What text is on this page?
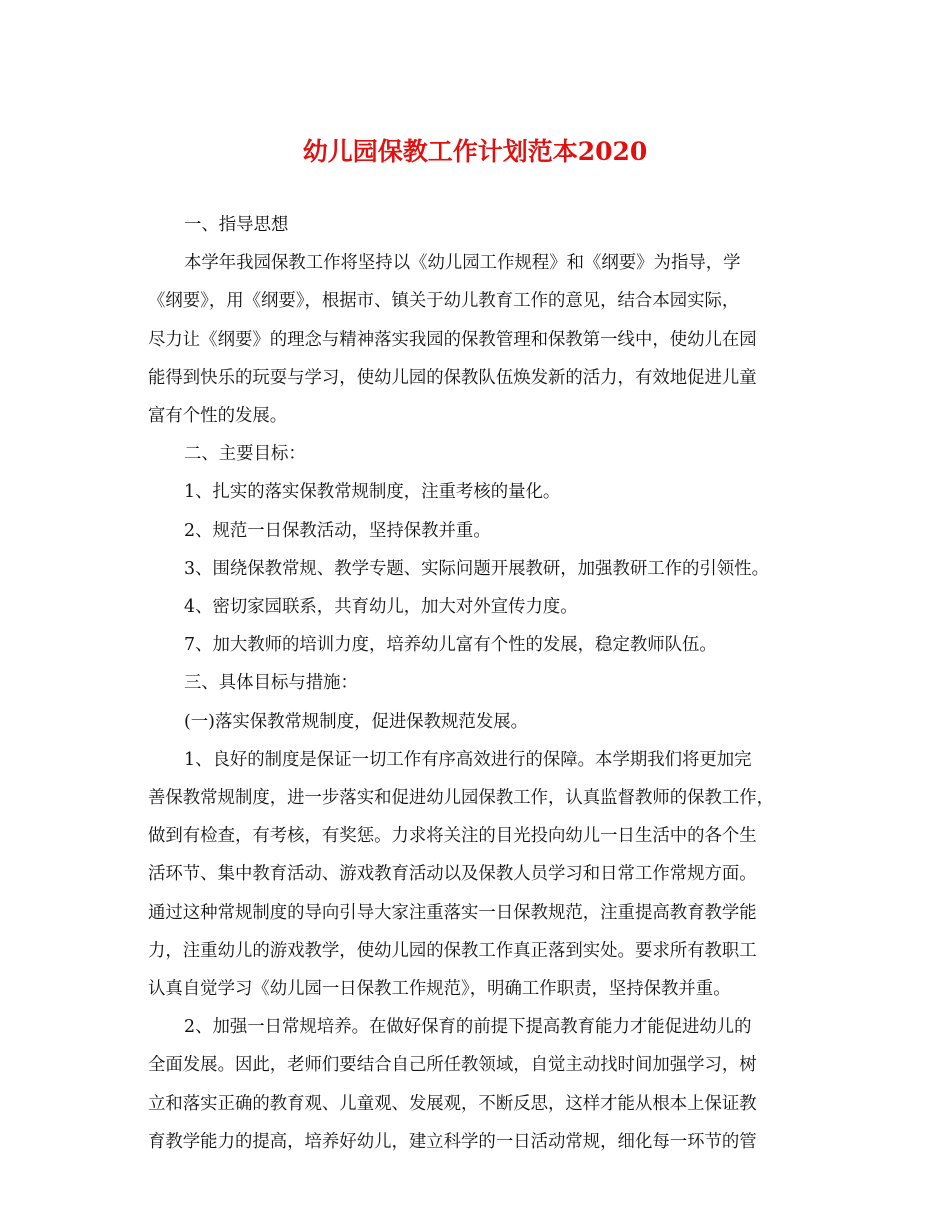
幼儿园保教工作计划范本2020
一、指导思想
本学年我园保教工作将坚持以《幼儿园工作规程》和《纲要》为指导，学
《纲要》，用《纲要》，根据市、镇关于幼儿教育工作的意见，结合本园实际，
尽力让《纲要》的理念与精神落实我园的保教管理和保教第一线中，使幼儿在园
能得到快乐的玩耍与学习，使幼儿园的保教队伍焕发新的活力，有效地促进儿童
富有个性的发展。
二、主要目标：
1、扎实的落实保教常规制度，注重考核的量化。
2、规范一日保教活动，坚持保教并重。
3、围绕保教常规、教学专题、实际问题开展教研，加强教研工作的引领性。
4、密切家园联系，共育幼儿，加大对外宣传力度。
7、加大教师的培训力度，培养幼儿富有个性的发展，稳定教师队伍。
三、具体目标与措施：
(一)落实保教常规制度，促进保教规范发展。
1、良好的制度是保证一切工作有序高效进行的保障。本学期我们将更加完
善保教常规制度，进一步落实和促进幼儿园保教工作，认真监督教师的保教工作，
做到有检查，有考核，有奖惩。力求将关注的目光投向幼儿一日生活中的各个生
活环节、集中教育活动、游戏教育活动以及保教人员学习和日常工作常规方面。
通过这种常规制度的导向引导大家注重落实一日保教规范，注重提高教育教学能
力，注重幼儿的游戏教学，使幼儿园的保教工作真正落到实处。要求所有教职工
认真自觉学习《幼儿园一日保教工作规范》，明确工作职责，坚持保教并重。
2、加强一日常规培养。在做好保育的前提下提高教育能力才能促进幼儿的
全面发展。因此，老师们要结合自己所任教领域，自觉主动找时间加强学习，树
立和落实正确的教育观、儿童观、发展观，不断反思，这样才能从根本上保证教
育教学能力的提高，培养好幼儿，建立科学的一日活动常规，细化每一环节的管
